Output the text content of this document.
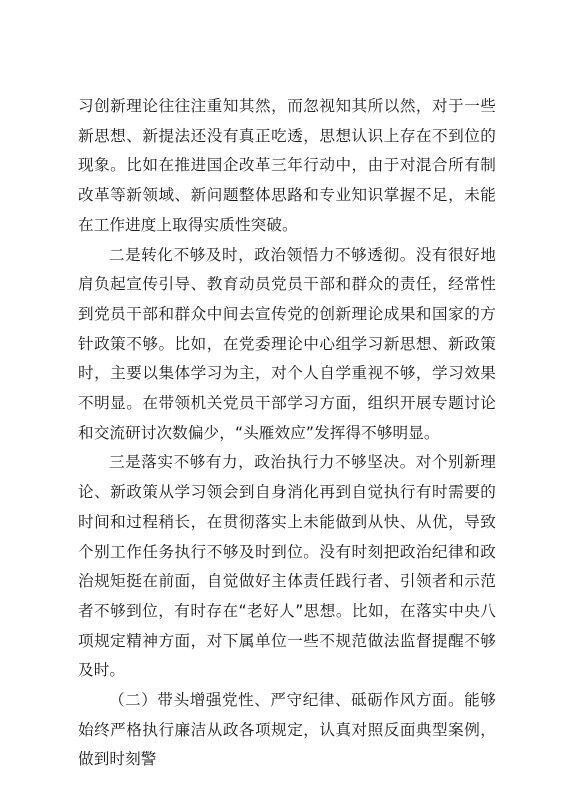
习创新理论往往注重知其然，而忽视知其所以然，对于一些新思想、新提法还没有真正吃透，思想认识上存在不到位的现象。比如在推进国企改革三年行动中，由于对混合所有制改革等新领域、新问题整体思路和专业知识掌握不足，未能在工作进度上取得实质性突破。

二是转化不够及时，政治领悟力不够透彻。没有很好地肩负起宣传引导、教育动员党员干部和群众的责任，经常性到党员干部和群众中间去宣传党的创新理论成果和国家的方针政策不够。比如，在党委理论中心组学习新思想、新政策时，主要以集体学习为主，对个人自学重视不够，学习效果不明显。在带领机关党员干部学习方面，组织开展专题讨论和交流研讨次数偏少，“头雁效应”发挥得不够明显。

三是落实不够有力，政治执行力不够坚决。对个别新理论、新政策从学习领会到自身消化再到自觉执行有时需要的时间和过程稍长，在贯彻落实上未能做到从快、从优，导致个别工作任务执行不够及时到位。没有时刻把政治纪律和政治规矩挺在前面，自觉做好主体责任践行者、引领者和示范者不够到位，有时存在“老好人”思想。比如，在落实中央八项规定精神方面，对下属单位一些不规范做法监督提醒不够及时。

（二）带头增强党性、严守纪律、砥砺作风方面。能够始终严格执行廉洁从政各项规定，认真对照反面典型案例，做到时刻警
